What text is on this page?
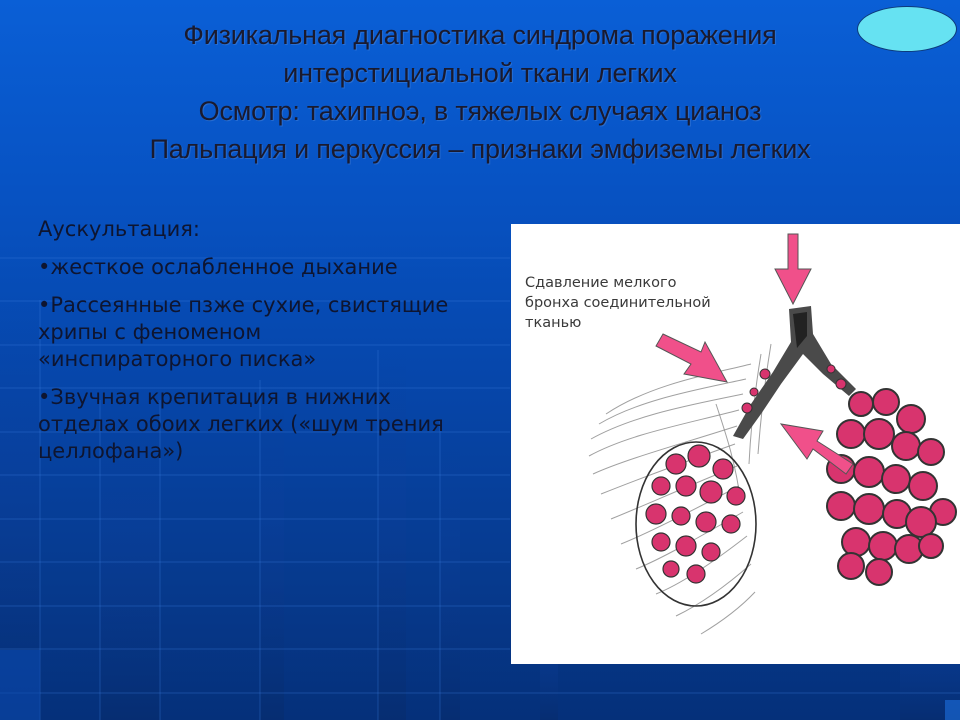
Физикальная диагностика синдрома поражения
интерстициальной ткани легких
Осмотр: тахипноэ, в тяжелых случаях цианоз
Пальпация и перкуссия – признаки эмфиземы легких

Аускультация:

•жесткое ослабленное дыхание

•Рассеянные пзже сухие, свистящие хрипы с феноменом «инспираторного писка»

•Звучная крепитация в нижних отделах обоих легких («шум трения целлофана»)

Сдавление мелкого
бронха соединительной
тканью
